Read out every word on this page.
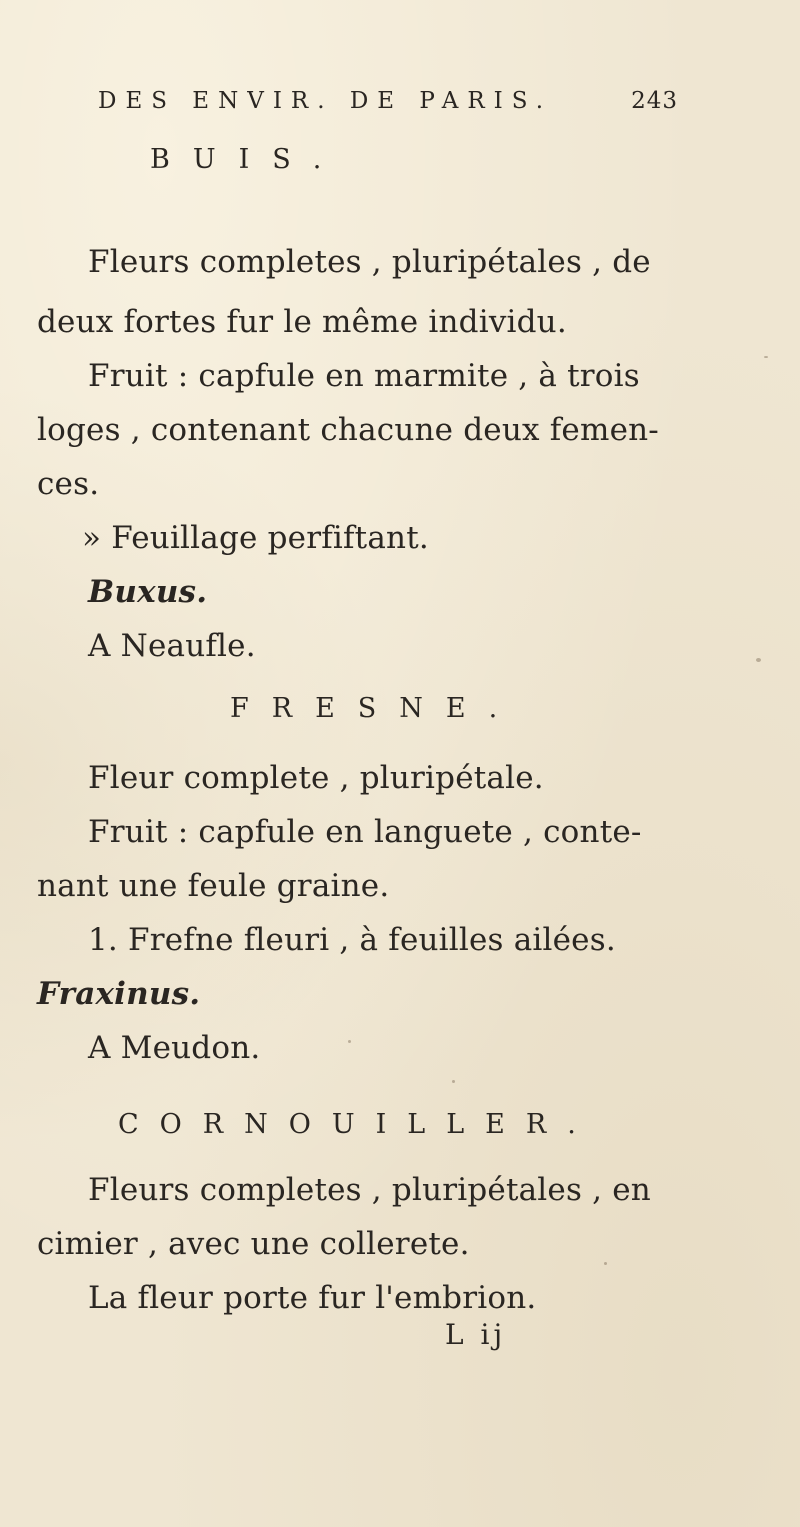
DES ENVIR. DE PARIS.	243
BUIS.
Fleurs completes , pluripétales , de
deux fortes fur le même individu.
Fruit : capfule en marmite , à trois
loges , contenant chacune deux femen-
ces.
» Feuillage perfiftant.
Buxus.
A Neaufle.
FRESNE.
Fleur complete , pluripétale.
Fruit : capfule en languete , conte-
nant une feule graine.
1. Frefne fleuri , à feuilles ailées.
Fraxinus.
A Meudon.
CORNOUILLER.
Fleurs completes , pluripétales , en
cimier , avec une collerete.
La fleur porte fur l'embrion.
L ij
